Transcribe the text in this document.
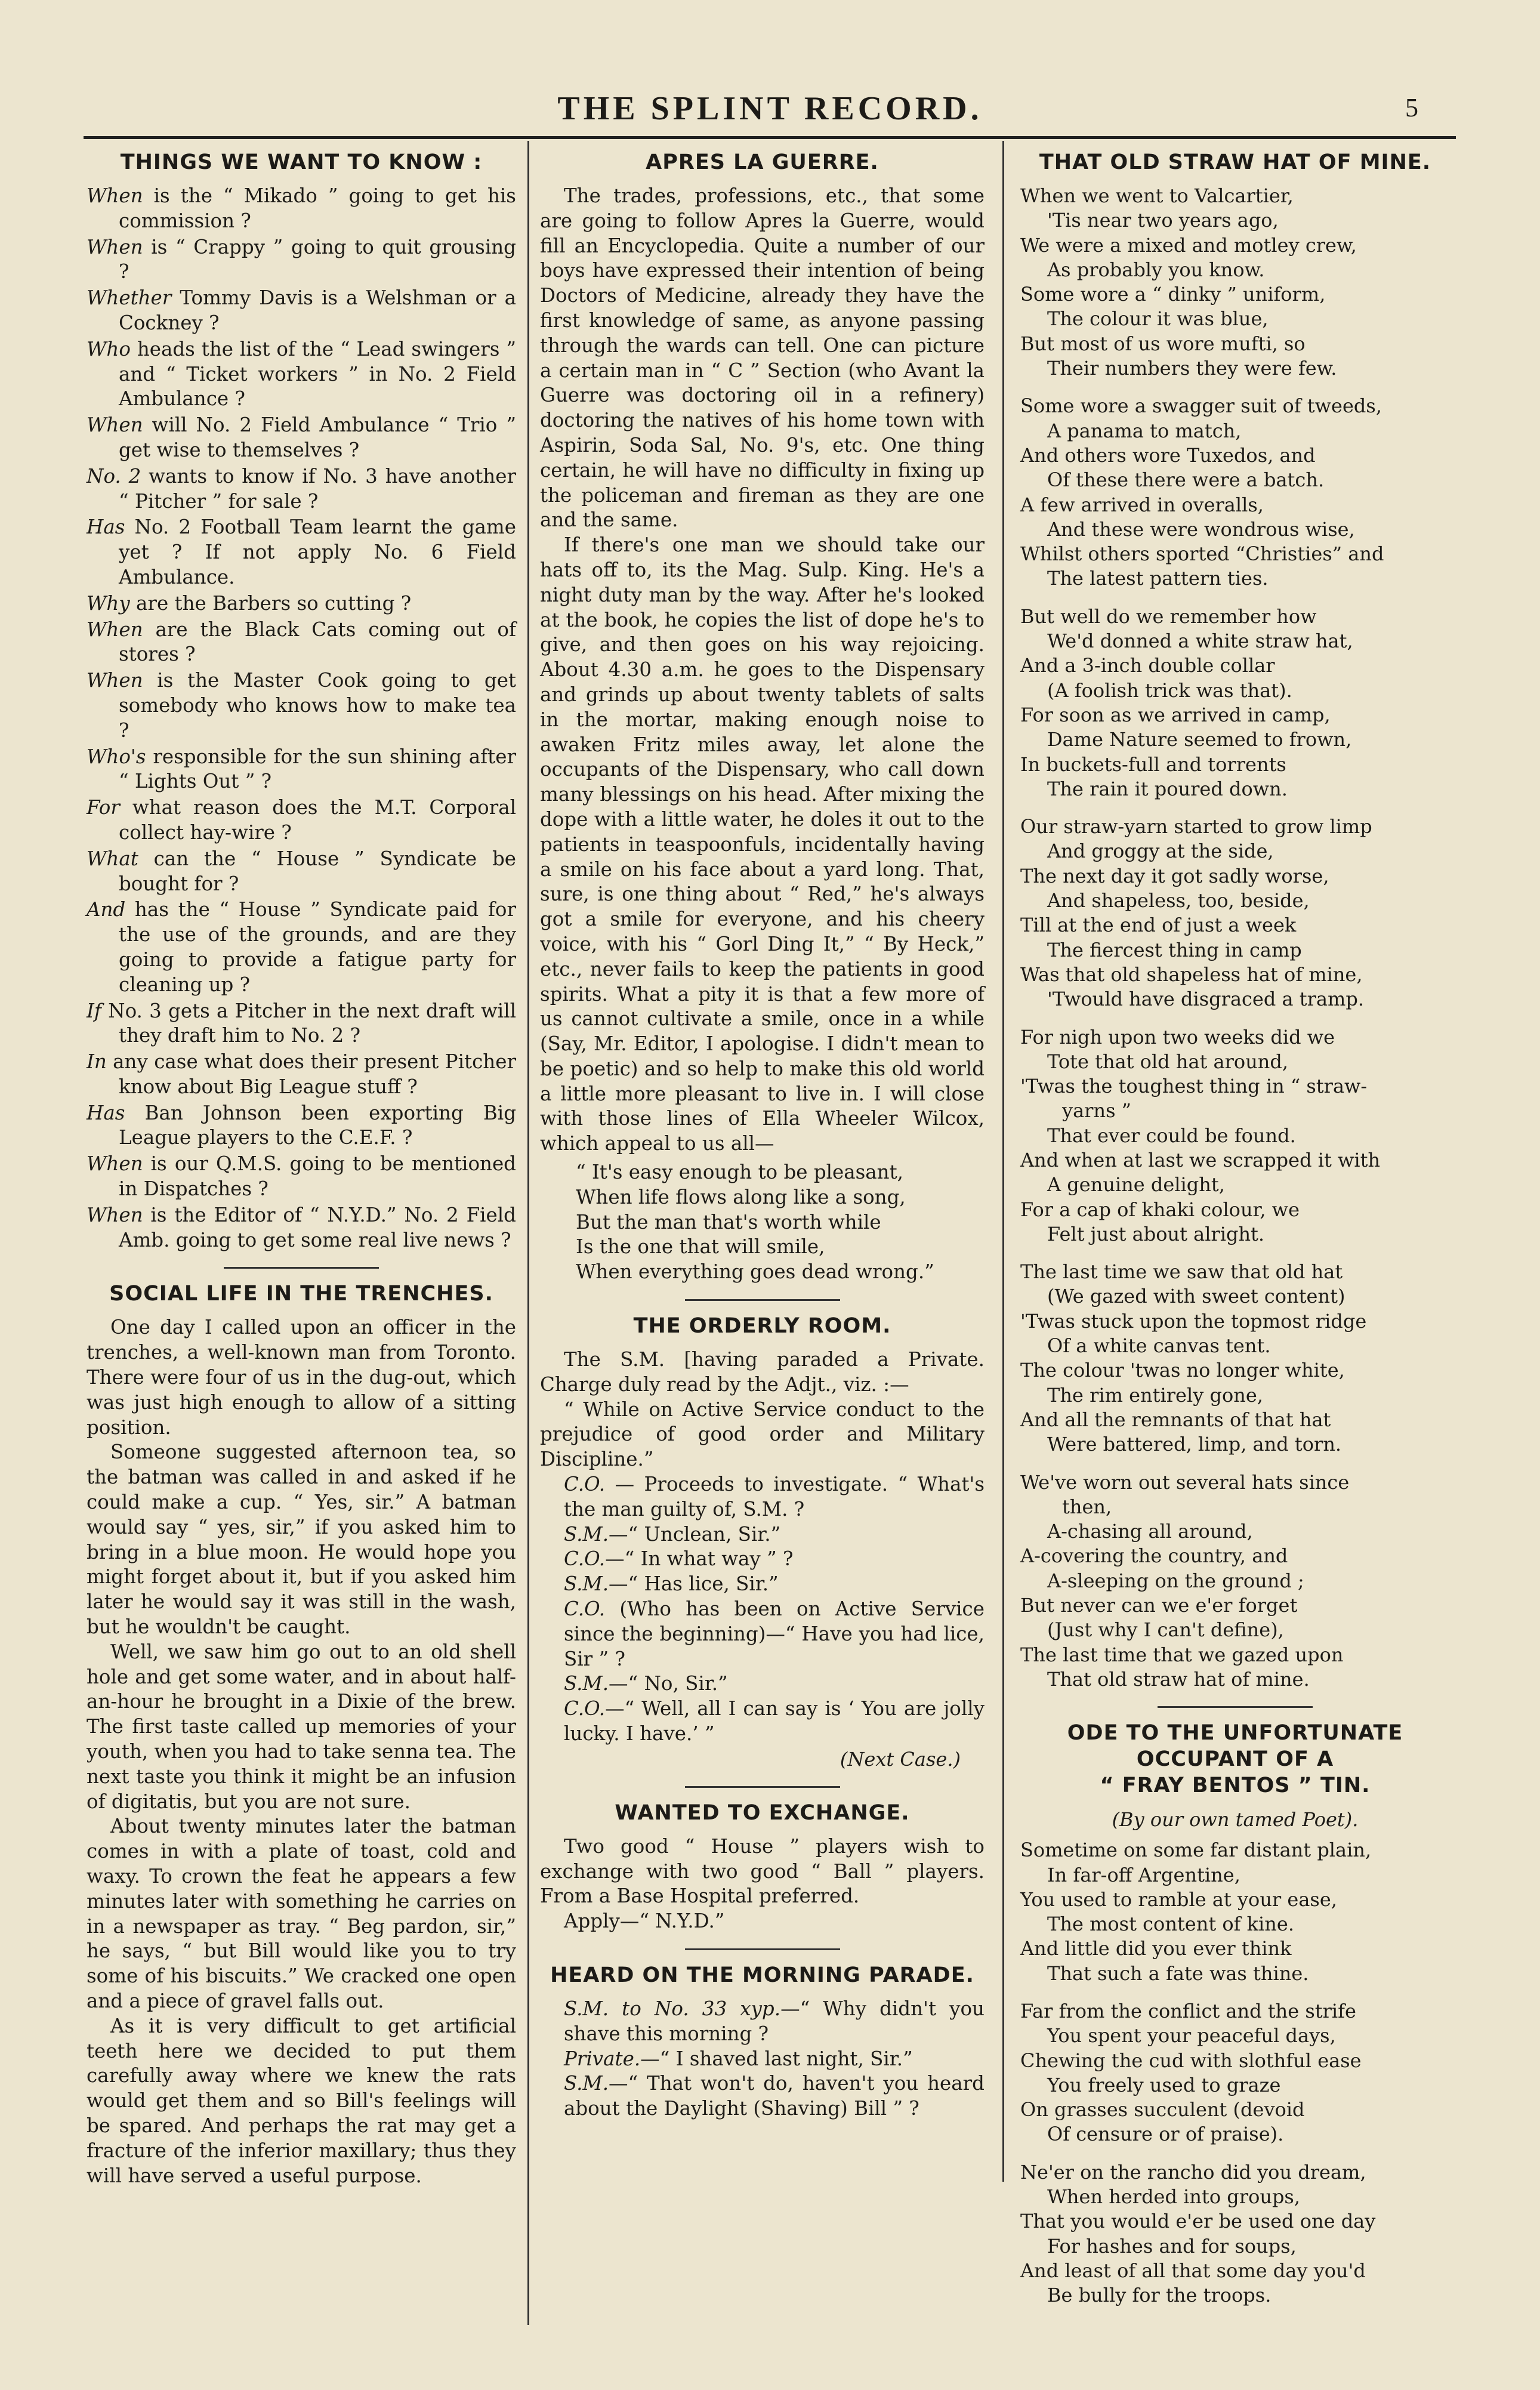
THE SPLINT RECORD.	5
THINGS WE WANT TO KNOW :
When is the “ Mikado ” going to get his commission ?
When is “ Crappy ” going to quit grousing ?
Whether Tommy Davis is a Welshman or a Cockney ?
Who heads the list of the “ Lead swingers ” and “ Ticket workers ” in No. 2 Field Ambulance ?
When will No. 2 Field Ambulance “ Trio ” get wise to themselves ?
No. 2 wants to know if No. 3 have another “ Pitcher ” for sale ?
Has No. 2 Football Team learnt the game yet ? If not apply No. 6 Field Ambulance.
Why are the Barbers so cutting ?
When are the Black Cats coming out of stores ?
When is the Master Cook going to get somebody who knows how to make tea ?
Who's responsible for the sun shining after “ Lights Out ” ?
For what reason does the M.T. Corporal collect hay-wire ?
What can the “ House ” Syndicate be bought for ?
And has the “ House ” Syndicate paid for the use of the grounds, and are they going to provide a fatigue party for cleaning up ?
If No. 3 gets a Pitcher in the next draft will they draft him to No. 2 ?
In any case what does their present Pitcher know about Big League stuff ?
Has Ban Johnson been exporting Big League players to the C.E.F. ?
When is our Q.M.S. going to be mentioned in Dispatches ?
When is the Editor of “ N.Y.D.” No. 2 Field Amb. going to get some real live news ?
SOCIAL LIFE IN THE TRENCHES.

One day I called upon an officer in the trenches, a well-known man from Toronto. There were four of us in the dug-out, which was just high enough to allow of a sitting position.

Someone suggested afternoon tea, so the batman was called in and asked if he could make a cup. “ Yes, sir.” A batman would say “ yes, sir,” if you asked him to bring in a blue moon. He would hope you might forget about it, but if you asked him later he would say it was still in the wash, but he wouldn't be caught.

Well, we saw him go out to an old shell hole and get some water, and in about half-an-hour he brought in a Dixie of the brew. The first taste called up memories of your youth, when you had to take senna tea. The next taste you think it might be an infusion of digitatis, but you are not sure.

About twenty minutes later the batman comes in with a plate of toast, cold and waxy. To crown the feat he appears a few minutes later with something he carries on in a newspaper as tray. “ Beg pardon, sir,” he says, “ but Bill would like you to try some of his biscuits.” We cracked one open and a piece of gravel falls out.

As it is very difficult to get artificial teeth here we decided to put them carefully away where we knew the rats would get them and so Bill's feelings will be spared. And perhaps the rat may get a fracture of the inferior maxillary; thus they will have served a useful purpose.

APRES LA GUERRE.

The trades, professions, etc., that some are going to follow Apres la Guerre, would fill an Encyclopedia. Quite a number of our boys have expressed their intention of being Doctors of Medicine, already they have the first knowledge of same, as anyone passing through the wards can tell. One can picture a certain man in “ C ” Section (who Avant la Guerre was doctoring oil in a refinery) doctoring the natives of his home town with Aspirin, Soda Sal, No. 9's, etc. One thing certain, he will have no difficulty in fixing up the policeman and fireman as they are one and the same.

If there's one man we should take our hats off to, its the Mag. Sulp. King. He's a night duty man by the way. After he's looked at the book, he copies the list of dope he's to give, and then goes on his way rejoicing. About 4.30 a.m. he goes to the Dispensary and grinds up about twenty tablets of salts in the mortar, making enough noise to awaken Fritz miles away, let alone the occupants of the Dispensary, who call down many blessings on his head. After mixing the dope with a little water, he doles it out to the patients in teaspoonfuls, incidentally having a smile on his face about a yard long. That, sure, is one thing about “ Red,” he's always got a smile for everyone, and his cheery voice, with his “ Gorl Ding It,” “ By Heck,” etc., never fails to keep the patients in good spirits. What a pity it is that a few more of us cannot cultivate a smile, once in a while (Say, Mr. Editor, I apologise. I didn't mean to be poetic) and so help to make this old world a little more pleasant to live in. I will close with those lines of Ella Wheeler Wilcox, which appeal to us all—

“ It's easy enough to be pleasant,
When life flows along like a song,
But the man that's worth while
Is the one that will smile,
When everything goes dead wrong.”
THE ORDERLY ROOM.

The S.M. [having paraded a Private. Charge duly read by the Adjt., viz. :—

“ While on Active Service conduct to the prejudice of good order and Military Discipline.”

C.O. — Proceeds to investigate. “ What's the man guilty of, S.M. ?
S.M.—“ Unclean, Sir.”
C.O.—“ In what way ” ?
S.M.—“ Has lice, Sir.”
C.O. (Who has been on Active Service since the beginning)—“ Have you had lice, Sir ” ?
S.M.—“ No, Sir.”
C.O.—“ Well, all I can say is ‘ You are jolly lucky. I have.’ ”
(Next Case.)
WANTED TO EXCHANGE.

Two good “ House ” players wish to exchange with two good “ Ball ” players. From a Base Hospital preferred.

Apply—“ N.Y.D.”

HEARD ON THE MORNING PARADE.
S.M. to No. 33 xyp.—“ Why didn't you shave this morning ?
Private.—“ I shaved last night, Sir.”
S.M.—“ That won't do, haven't you heard about the Daylight (Shaving) Bill ” ?
THAT OLD STRAW HAT OF MINE.
When we went to Valcartier,
'Tis near two years ago,
We were a mixed and motley crew,
As probably you know.
Some wore a “ dinky ” uniform,
The colour it was blue,
But most of us wore mufti, so
Their numbers they were few.
Some wore a swagger suit of tweeds,
A panama to match,
And others wore Tuxedos, and
Of these there were a batch.
A few arrived in overalls,
And these were wondrous wise,
Whilst others sported “Christies” and
The latest pattern ties.
But well do we remember how
We'd donned a white straw hat,
And a 3-inch double collar
(A foolish trick was that).
For soon as we arrived in camp,
Dame Nature seemed to frown,
In buckets-full and torrents
The rain it poured down.
Our straw-yarn started to grow limp
And groggy at the side,
The next day it got sadly worse,
And shapeless, too, beside,
Till at the end of just a week
The fiercest thing in camp
Was that old shapeless hat of mine,
'Twould have disgraced a tramp.
For nigh upon two weeks did we
Tote that old hat around,
'Twas the toughest thing in “ straw-
yarns ”
That ever could be found.
And when at last we scrapped it with
A genuine delight,
For a cap of khaki colour, we
Felt just about alright.
The last time we saw that old hat
(We gazed with sweet content)
'Twas stuck upon the topmost ridge
Of a white canvas tent.
The colour 'twas no longer white,
The rim entirely gone,
And all the remnants of that hat
Were battered, limp, and torn.
We've worn out several hats since
then,
A-chasing all around,
A-covering the country, and
A-sleeping on the ground ;
But never can we e'er forget
(Just why I can't define),
The last time that we gazed upon
That old straw hat of mine.
ODE TO THE UNFORTUNATE
OCCUPANT OF A
“ FRAY BENTOS ” TIN.
(By our own tamed Poet).
Sometime on some far distant plain,
In far-off Argentine,
You used to ramble at your ease,
The most content of kine.
And little did you ever think
That such a fate was thine.
Far from the conflict and the strife
You spent your peaceful days,
Chewing the cud with slothful ease
You freely used to graze
On grasses succulent (devoid
Of censure or of praise).
Ne'er on the rancho did you dream,
When herded into groups,
That you would e'er be used one day
For hashes and for soups,
And least of all that some day you'd
Be bully for the troops.
